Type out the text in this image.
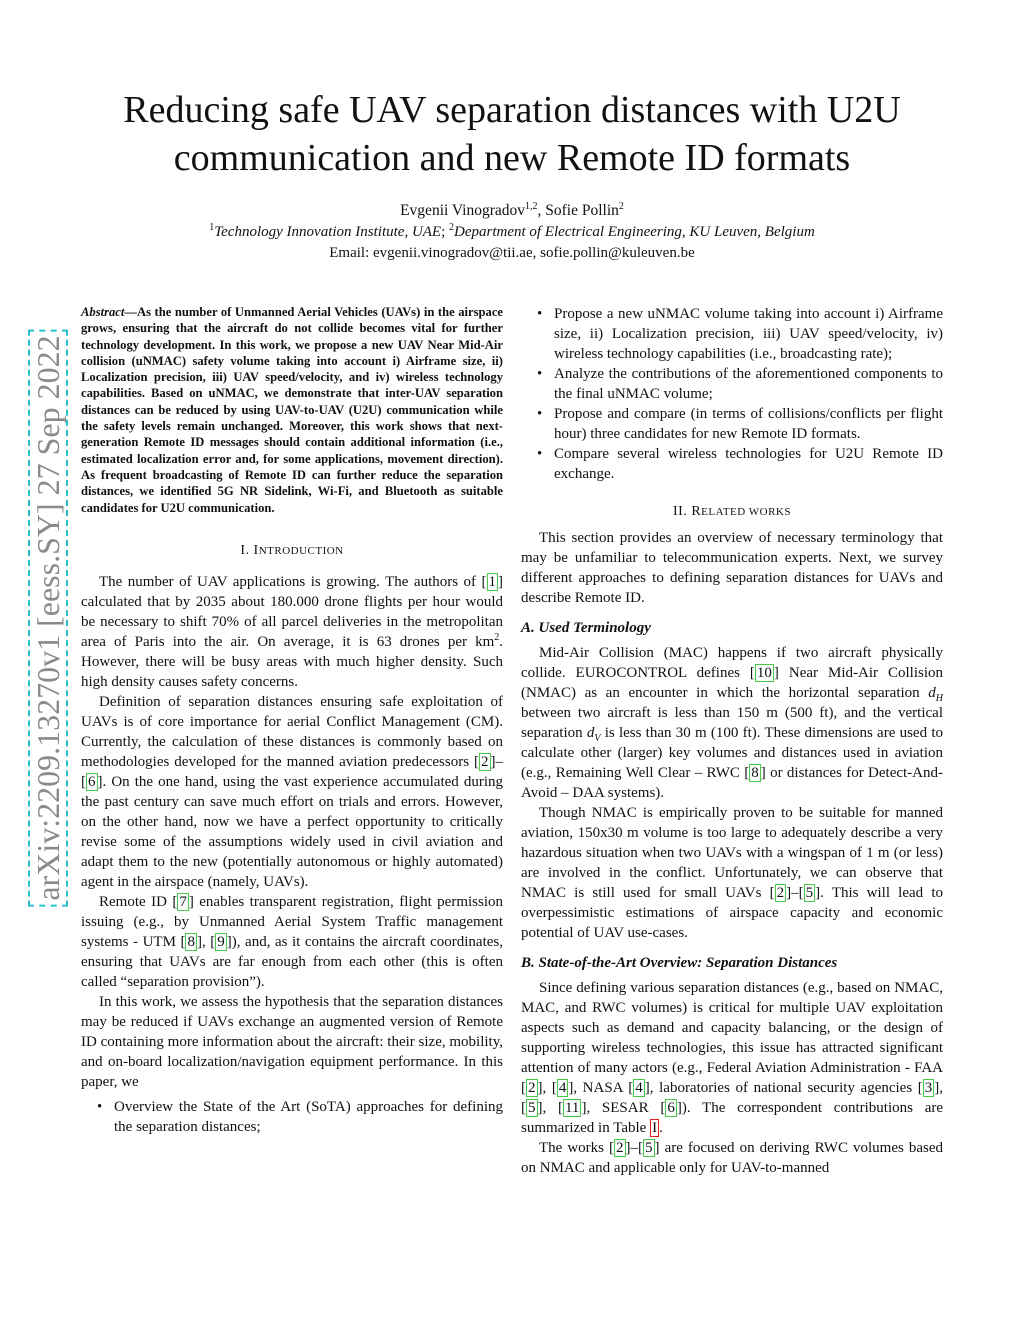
Reducing safe UAV separation distances with U2U
communication and new Remote ID formats
Evgenii Vinogradov$^{1,2}$, Sofie Pollin$^2$
$^1$Technology Innovation Institute, UAE; $^2$Department of Electrical Engineering, KU Leuven, Belgium
Email: evgenii.vinogradov@tii.ae, sofie.pollin@kuleuven.be
arXiv:2209.13270v1 [eess.SY] 27 Sep 2022

Abstract—As the number of Unmanned Aerial Vehicles (UAVs) in the airspace grows, ensuring that the aircraft do not collide becomes vital for further technology development. In this work, we propose a new UAV Near Mid-Air collision (uNMAC) safety volume taking into account i) Airframe size, ii) Localization precision, iii) UAV speed/velocity, and iv) wireless technology capabilities. Based on uNMAC, we demonstrate that inter-UAV separation distances can be reduced by using UAV-to-UAV (U2U) communication while the safety levels remain unchanged. Moreover, this work shows that next-generation Remote ID messages should contain additional information (i.e., estimated localization error and, for some applications, movement direction). As frequent broadcasting of Remote ID can further reduce the separation distances, we identified 5G NR Sidelink, Wi-Fi, and Bluetooth as suitable candidates for U2U communication.

I. INTRODUCTION

The number of UAV applications is growing. The authors of [ 1 ] calculated that by 2035 about 180.000 drone flights per hour would be necessary to shift 70% of all parcel deliveries in the metropolitan area of Paris into the air. On average, it is 63 drones per $km^2$. However, there will be busy areas with much higher density. Such high density causes safety concerns.

Definition of separation distances ensuring safe exploitation of UAVs is of core importance for aerial Conflict Management (CM). Currently, the calculation of these distances is commonly based on methodologies developed for the manned aviation predecessors [ 2 ]–[ 6 ]. On the one hand, using the vast experience accumulated during the past century can save much effort on trials and errors. However, on the other hand, now we have a perfect opportunity to critically revise some of the assumptions widely used in civil aviation and adapt them to the new (potentially autonomous or highly automated) agent in the airspace (namely, UAVs).

Remote ID [ 7 ] enables transparent registration, flight permission issuing (e.g., by Unmanned Aerial System Traffic management systems - UTM [ 8 ], [ 9 ]), and, as it contains the aircraft coordinates, ensuring that UAVs are far enough from each other (this is often called “separation provision”).

In this work, we assess the hypothesis that the separation distances may be reduced if UAVs exchange an augmented version of Remote ID containing more information about the aircraft: their size, mobility, and on-board localization/navigation equipment performance. In this paper, we

• Overview the State of the Art (SoTA) approaches for defining the separation distances;
• Propose a new uNMAC volume taking into account i) Airframe size, ii) Localization precision, iii) UAV speed/velocity, iv) wireless technology capabilities (i.e., broadcasting rate);
• Analyze the contributions of the aforementioned components to the final uNMAC volume;
• Propose and compare (in terms of collisions/conflicts per flight hour) three candidates for new Remote ID formats.
• Compare several wireless technologies for U2U Remote ID exchange.
II. RELATED WORKS

This section provides an overview of necessary terminology that may be unfamiliar to telecommunication experts. Next, we survey different approaches to defining separation distances for UAVs and describe Remote ID.

A. Used Terminology

Mid-Air Collision (MAC) happens if two aircraft physically collide. EUROCONTROL defines [ 10 ] Near Mid-Air Collision (NMAC) as an encounter in which the horizontal separation $d_H$ between two aircraft is less than 150 m (500 ft), and the vertical separation $d_V$ is less than 30 m (100 ft). These dimensions are used to calculate other (larger) key volumes and distances used in aviation (e.g., Remaining Well Clear – RWC [ 8 ] or distances for Detect-And-Avoid – DAA systems).

Though NMAC is empirically proven to be suitable for manned aviation, 150x30 m volume is too large to adequately describe a very hazardous situation when two UAVs with a wingspan of 1 m (or less) are involved in the conflict. Unfortunately, we can observe that NMAC is still used for small UAVs [ 2 ]–[ 5 ]. This will lead to overpessimistic estimations of airspace capacity and economic potential of UAV use-cases.

B. State-of-the-Art Overview: Separation Distances

Since defining various separation distances (e.g., based on NMAC, MAC, and RWC volumes) is critical for multiple UAV exploitation aspects such as demand and capacity balancing, or the design of supporting wireless technologies, this issue has attracted significant attention of many actors (e.g., Federal Aviation Administration - FAA [ 2 ], [ 4 ], NASA [ 4 ], laboratories of national security agencies [ 3 ], [ 5 ], [ 11 ], SESAR [ 6 ]). The correspondent contributions are summarized in Table I .

The works [ 2 ]–[ 5 ] are focused on deriving RWC volumes based on NMAC and applicable only for UAV-to-manned
